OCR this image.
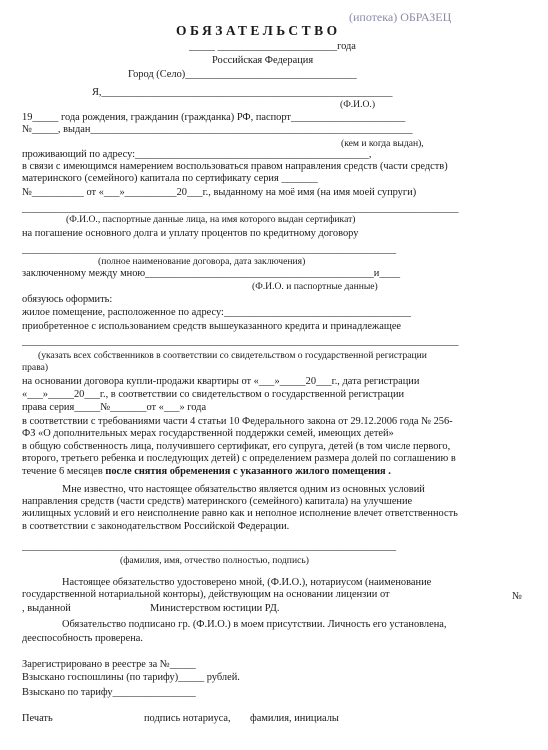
(ипотека) ОБРАЗЕЦ
ОБЯЗАТЕЛЬСТВО
_____ _______________________года
Российская Федерация
Город (Село)_________________________________
Я,________________________________________________________
(Ф.И.О.)
19_____ года рождения, гражданин (гражданка) РФ, паспорт______________________
№_____, выдан______________________________________________________________
(кем и когда выдан),
проживающий по адресу:_____________________________________________,
в связи с имеющимся намерением воспользоваться правом направления средств (части средств)
материнского (семейного) капитала по сертификату серия _______
№__________ от «___»__________20___г., выданному на моё имя (на имя моей супруги)
____________________________________________________________________________________
(Ф.И.О., паспортные данные лица, на имя которого выдан сертификат)
на погашение основного долга и уплату процентов по кредитному договору
________________________________________________________________________
(полное наименование договора, дата заключения)
заключенному между мною____________________________________________и____
(Ф.И.О. и паспортные данные)
обязуюсь оформить:
жилое помещение, расположенное по адресу:____________________________________
приобретенное с использованием средств вышеуказанного кредита и принадлежащее
____________________________________________________________________________________
(указать всех собственников в соответствии со свидетельством о государственной регистрации
права)
на основании договора купли-продажи квартиры от «___»_____20___г., дата регистрации
«___»_____20___г., в соответствии со свидетельством о государственной регистрации
права серия_____№_______от «___» года
в соответствии с требованиями части 4 статьи 10 Федерального закона от 29.12.2006 года № 256-
ФЗ «О дополнительных мерах государственной поддержки семей, имеющих детей»
в общую собственность лица, получившего сертификат, его супруга, детей (в том числе первого,
второго, третьего ребенка и последующих детей) с определением размера долей по соглашению в
течение 6 месяцев после снятия обременения с указанного жилого помещения .
Мне известно, что настоящее обязательство является одним из основных условий
направления средств (части средств) материнского (семейного) капитала) на улучшение
жилищных условий и его неисполнение равно как и неполное исполнение влечет ответственность
в соответствии с законодательством Российской Федерации.
________________________________________________________________________
(фамилия, имя, отчество полностью, подпись)
Настоящее обязательство удостоверено мной, (Ф.И.О.), нотариусом (наименование
государственной нотариальной конторы), действующим на основании лицензии от	№
, выданной	Министерством юстиции РД.
Обязательство подписано гр. (Ф.И.О.) в моем присутствии. Личность его установлена,
дееспособность проверена.
Зарегистрировано в реестре за №_____
Взыскано госпошлины (по тарифу)_____ рублей.
Взыскано по тарифу________________
Печать	подпись нотариуса, фамилия, инициалы
